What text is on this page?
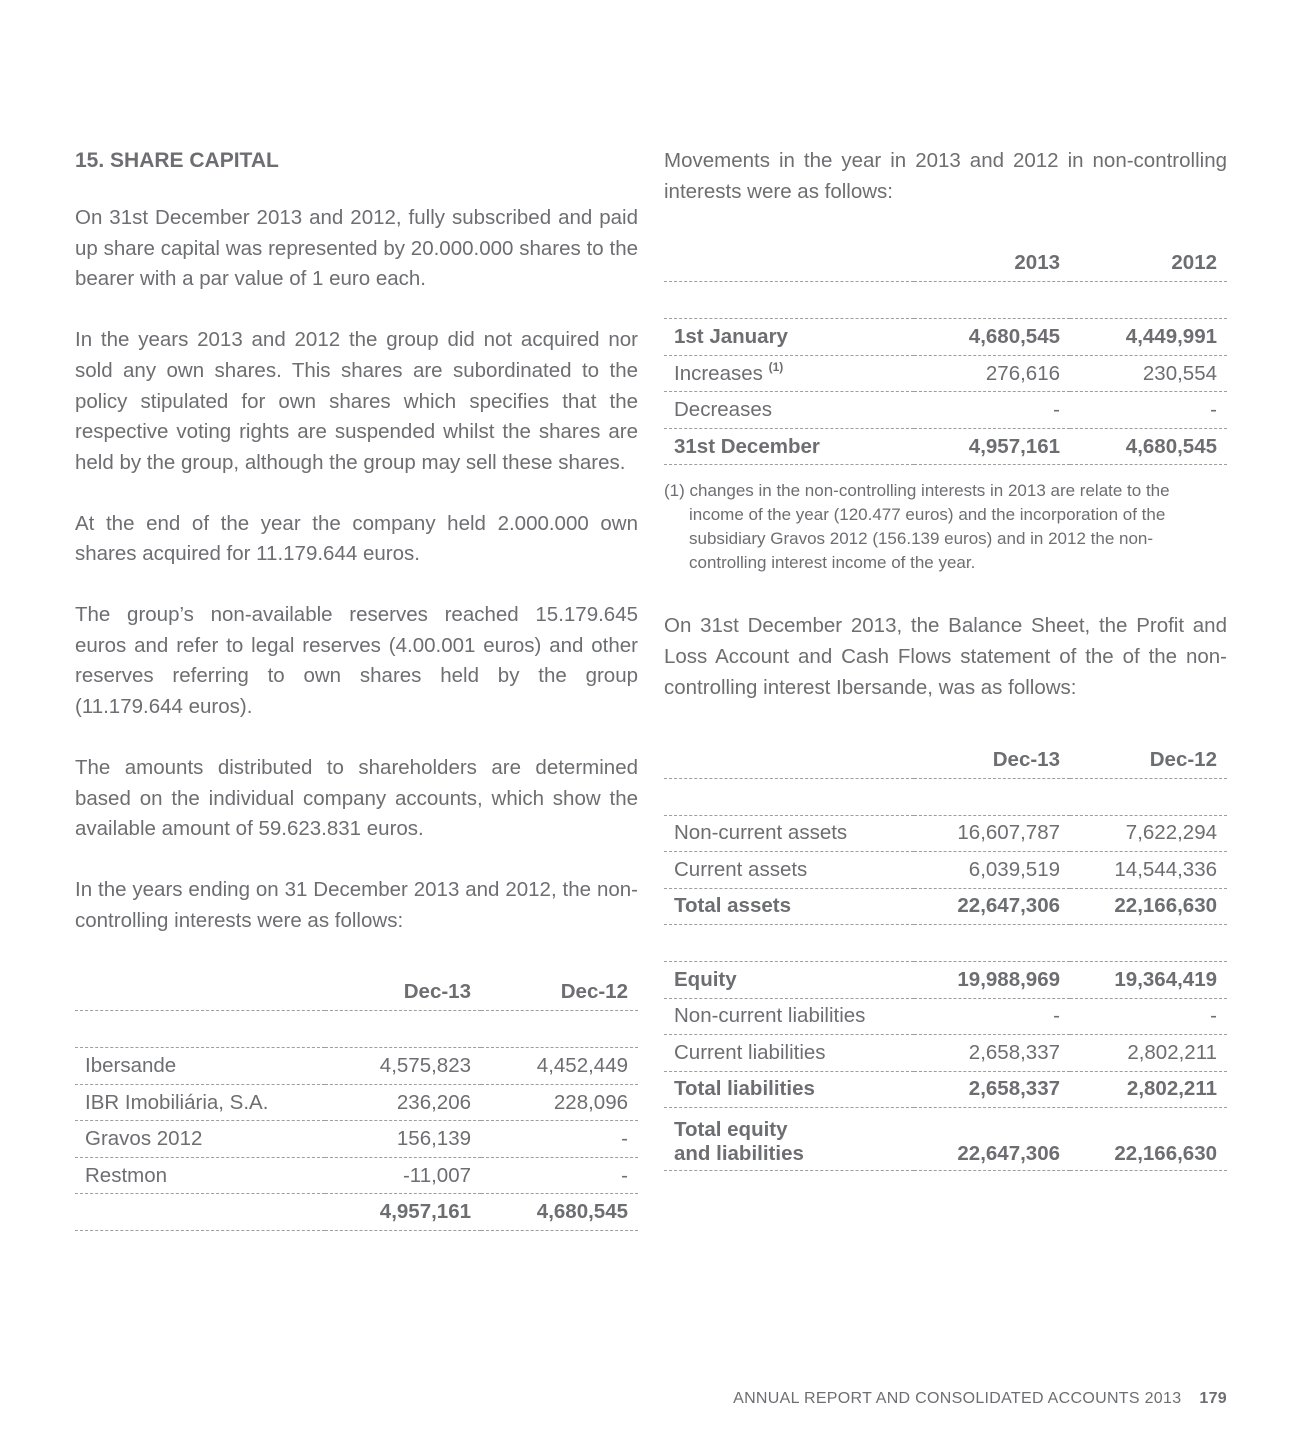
15. SHARE CAPITAL

On 31st December 2013 and 2012, fully subscribed and paid up share capital was represented by 20.000.000 shares to the bearer with a par value of 1 euro each.

In the years 2013 and 2012 the group did not acquired nor sold any own shares. This shares are subordinated to the policy stipulated for own shares which specifies that the respective voting rights are suspended whilst the shares are held by the group, although the group may sell these shares.

At the end of the year the company held 2.000.000 own shares acquired for 11.179.644 euros.

The group’s non-available reserves reached 15.179.645 euros and refer to legal reserves (4.00.001 euros) and other reserves referring to own shares held by the group (11.179.644 euros).

The amounts distributed to shareholders are determined based on the individual company accounts, which show the available amount of 59.623.831 euros.

In the years ending on 31 December 2013 and 2012, the non-controlling interests were as follows:

	Dec-13	Dec-12

Ibersande	4,575,823	4,452,449
IBR Imobiliária, S.A.	236,206	228,096
Gravos 2012	156,139	-
Restmon	-11,007	-
	4,957,161	4,680,545

Movements in the year in 2013 and 2012 in non-controlling interests were as follows:

	2013	2012

1st January	4,680,545	4,449,991
Increases $^{(1)}$	276,616	230,554
Decreases	-	-
31st December	4,957,161	4,680,545

(1) changes in the non-controlling interests in 2013 are relate to the income of the year (120.477 euros) and the incorporation of the subsidiary Gravos 2012 (156.139 euros) and in 2012 the non-controlling interest income of the year.

On 31st December 2013, the Balance Sheet, the Profit and Loss Account and Cash Flows statement of the of the non-controlling interest Ibersande, was as follows:

	Dec-13	Dec-12

Non-current assets	16,607,787	7,622,294
Current assets	6,039,519	14,544,336
Total assets	22,647,306	22,166,630

Equity	19,988,969	19,364,419
Non-current liabilities	-	-
Current liabilities	2,658,337	2,802,211
Total liabilities	2,658,337	2,802,211
Total equity
and liabilities	22,647,306	22,166,630
ANNUAL REPORT AND CONSOLIDATED ACCOUNTS 2013 179
